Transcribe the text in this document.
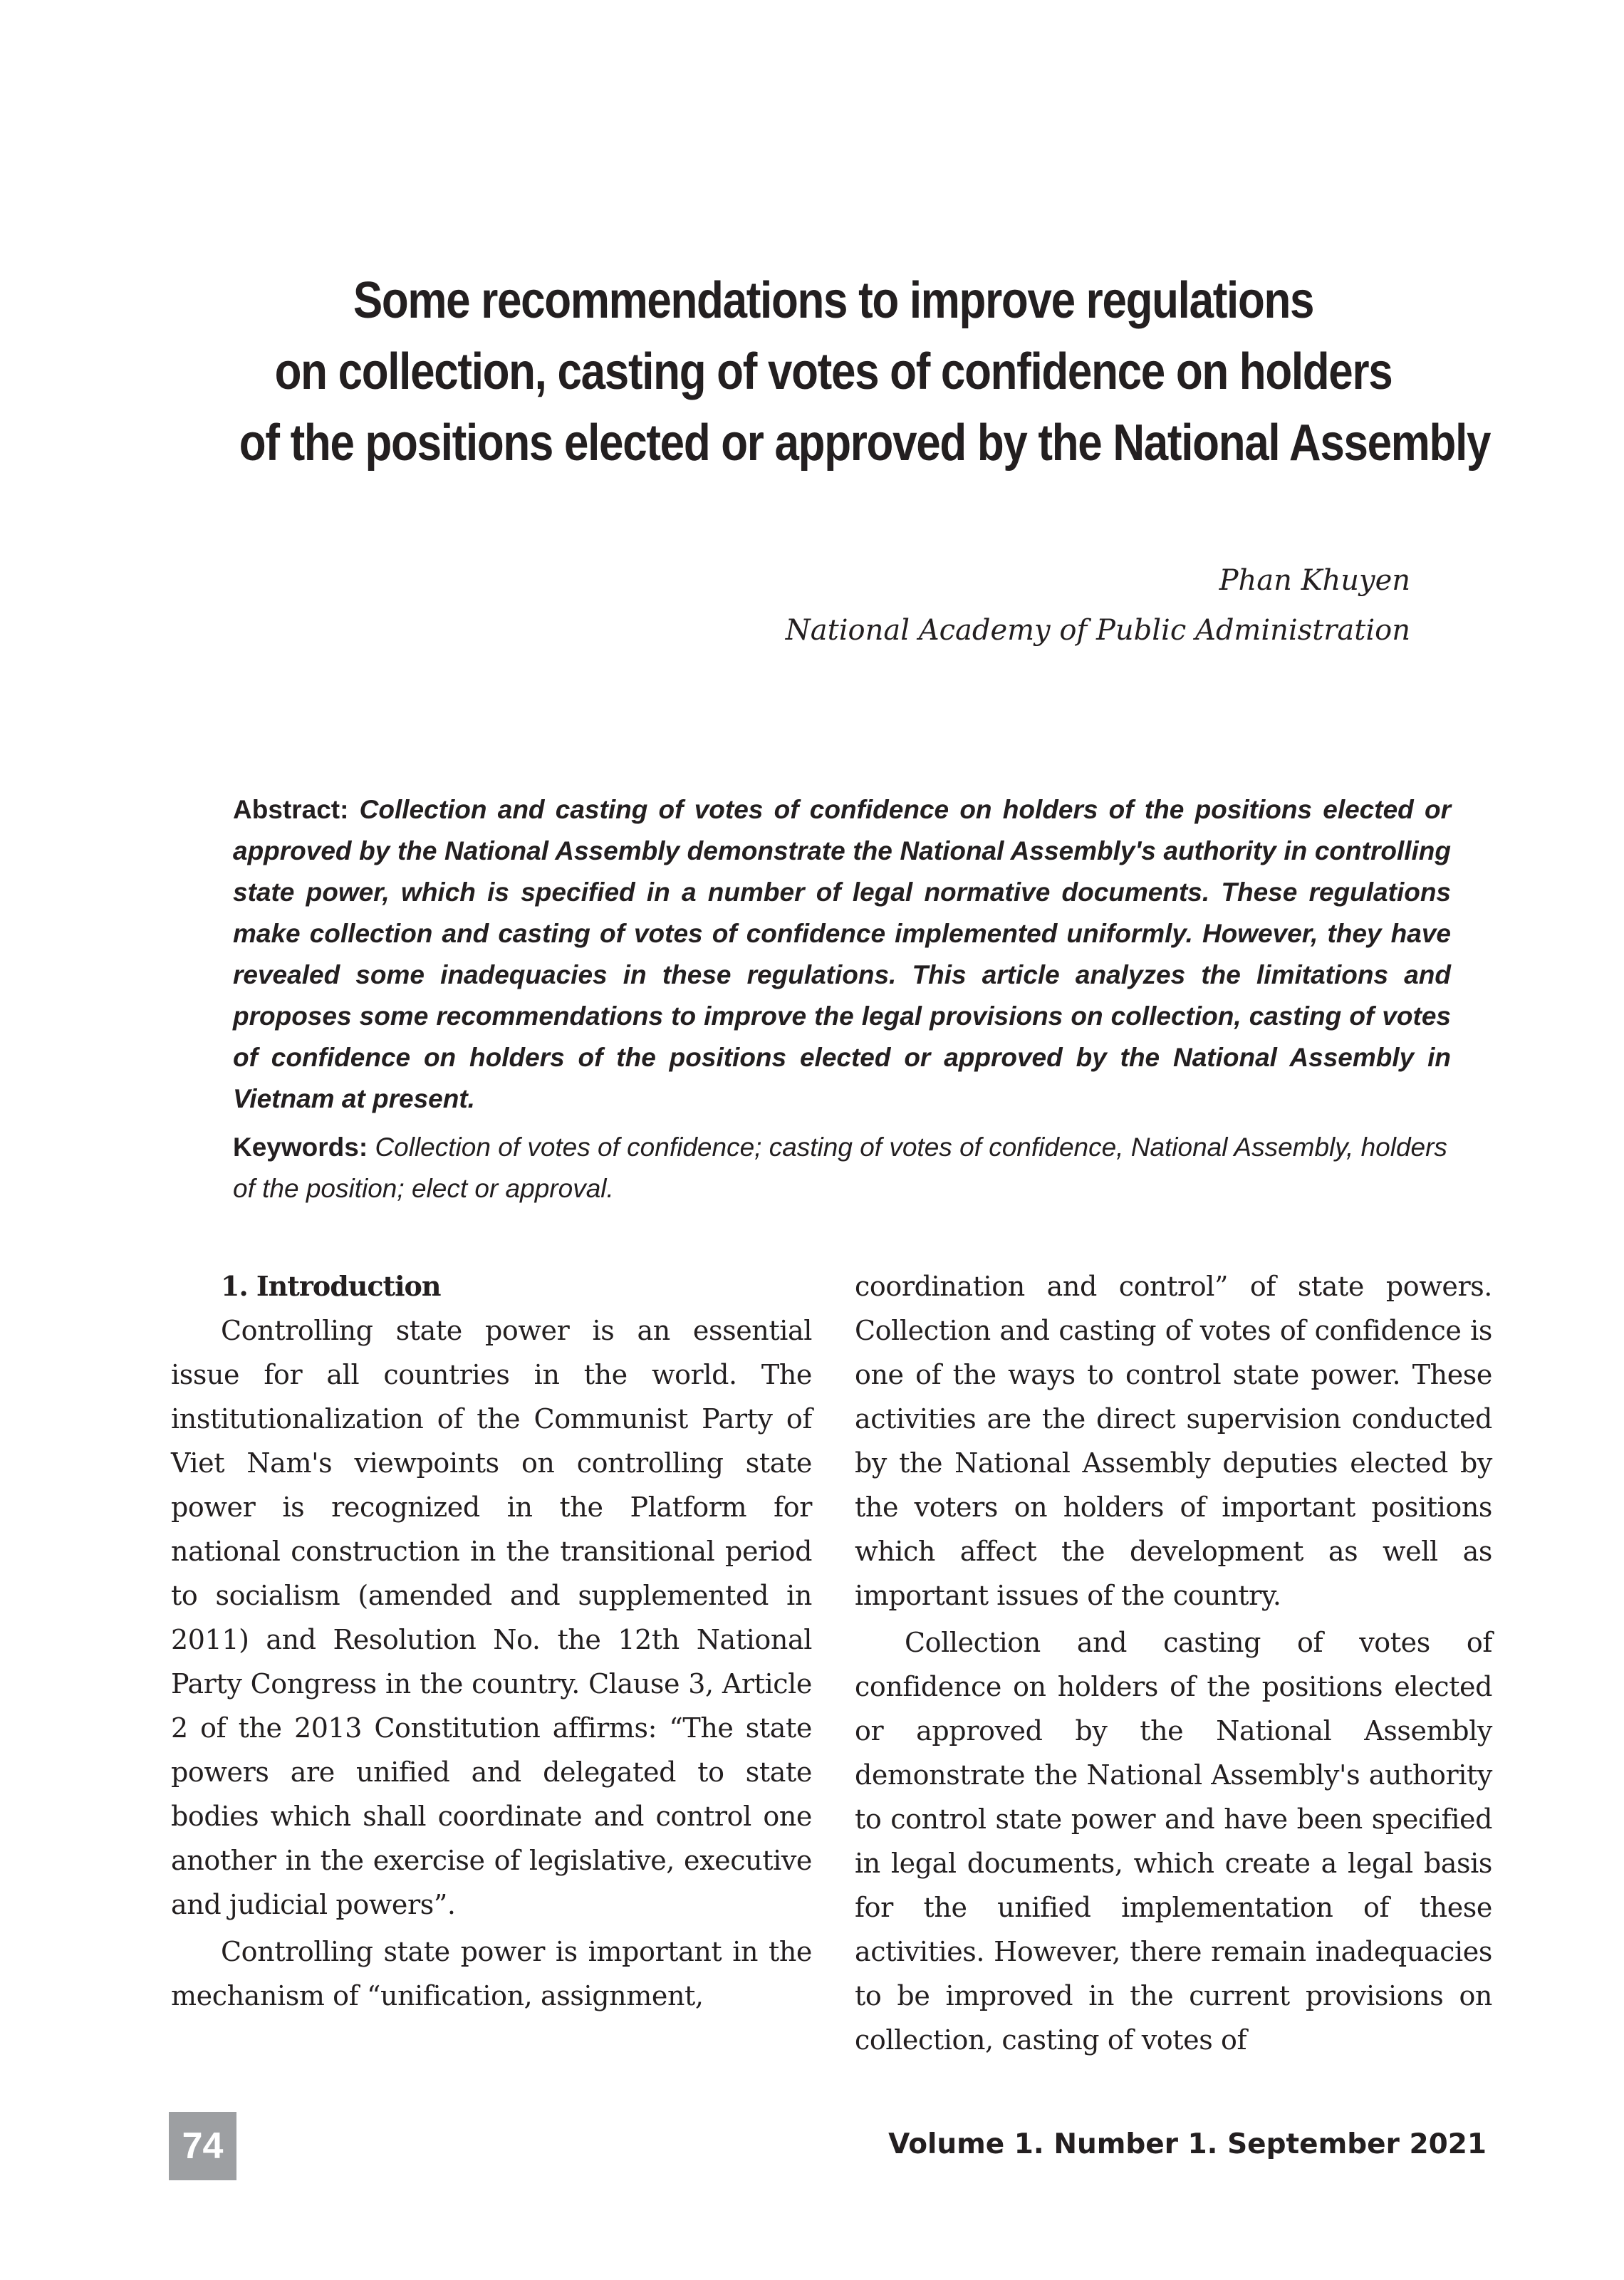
Some recommendations to improve regulations
on collection, casting of votes of confidence on holders
of the positions elected or approved by the National Assembly
Phan Khuyen
National Academy of Public Administration

Abstract: Collection and casting of votes of confidence on holders of the positions elected or approved by the National Assembly demonstrate the National Assembly's authority in controlling state power, which is specified in a number of legal normative documents. These regulations make collection and casting of votes of confidence implemented uniformly. However, they have revealed some inadequacies in these regulations. This article analyzes the limitations and proposes some recommendations to improve the legal provisions on collection, casting of votes of confidence on holders of the positions elected or approved by the National Assembly in Vietnam at present.

Keywords: Collection of votes of confidence; casting of votes of confidence, National Assembly, holders of the position; elect or approval.

1. Introduction

Controlling state power is an essential issue for all countries in the world. The institutionalization of the Communist Party of Viet Nam's viewpoints on controlling state power is recognized in the Platform for national construction in the transitional period to socialism (amended and supplemented in 2011) and Resolution No. the 12th National Party Congress in the country. Clause 3, Article 2 of the 2013 Constitution affirms: “The state powers are unified and delegated to state bodies which shall coordinate and control one another in the exercise of legislative, executive and judicial powers”.

Controlling state power is important in the mechanism of “unification, assignment,

coordination and control” of state powers. Collection and casting of votes of confidence is one of the ways to control state power. These activities are the direct supervision conducted by the National Assembly deputies elected by the voters on holders of important positions which affect the development as well as important issues of the country.

Collection and casting of votes of confidence on holders of the positions elected or approved by the National Assembly demonstrate the National Assembly's authority to control state power and have been specified in legal documents, which create a legal basis for the unified implementation of these activities. However, there remain inadequacies to be improved in the current provisions on collection, casting of votes of

74	Volume 1. Number 1. September 2021
